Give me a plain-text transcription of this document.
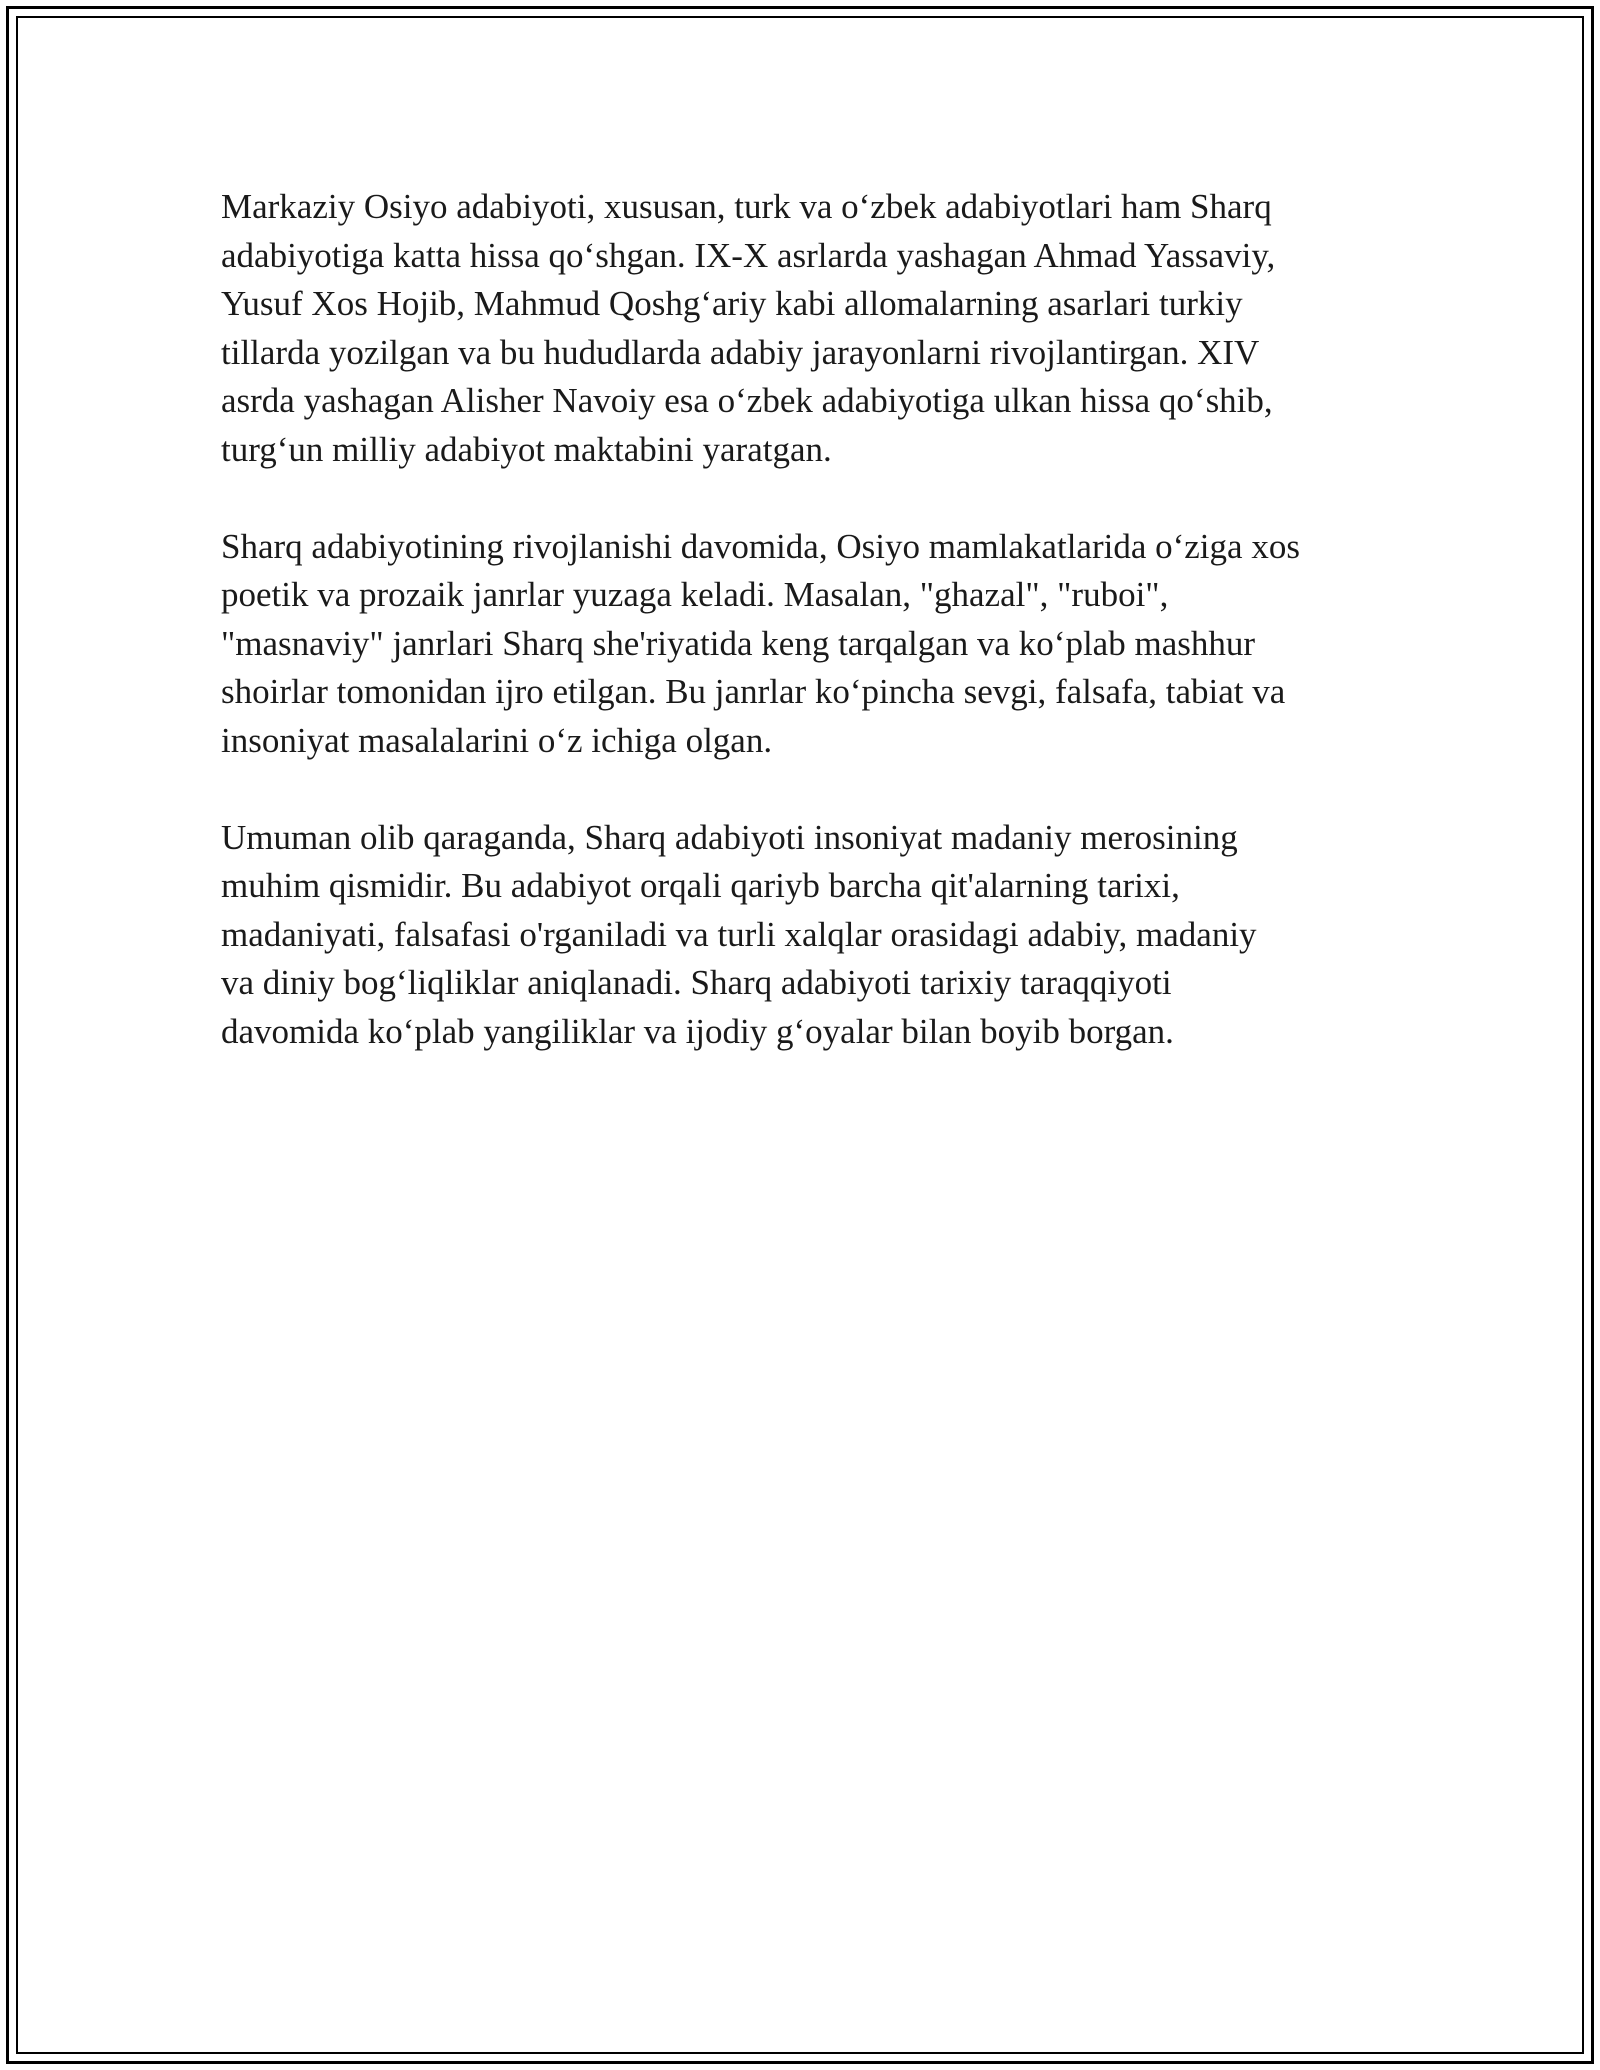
Markaziy Osiyo adabiyoti, xususan, turk va o‘zbek adabiyotlari ham Sharq
adabiyotiga katta hissa qo‘shgan. IX-X asrlarda yashagan Ahmad Yassaviy,
Yusuf Xos Hojib, Mahmud Qoshg‘ariy kabi allomalarning asarlari turkiy
tillarda yozilgan va bu hududlarda adabiy jarayonlarni rivojlantirgan. XIV
asrda yashagan Alisher Navoiy esa o‘zbek adabiyotiga ulkan hissa qo‘shib,
turg‘un milliy adabiyot maktabini yaratgan.

Sharq adabiyotining rivojlanishi davomida, Osiyo mamlakatlarida o‘ziga xos
poetik va prozaik janrlar yuzaga keladi. Masalan, "ghazal", "ruboi",
"masnaviy" janrlari Sharq she'riyatida keng tarqalgan va ko‘plab mashhur
shoirlar tomonidan ijro etilgan. Bu janrlar ko‘pincha sevgi, falsafa, tabiat va
insoniyat masalalarini o‘z ichiga olgan.

Umuman olib qaraganda, Sharq adabiyoti insoniyat madaniy merosining
muhim qismidir. Bu adabiyot orqali qariyb barcha qit'alarning tarixi,
madaniyati, falsafasi o'rganiladi va turli xalqlar orasidagi adabiy, madaniy
va diniy bog‘liqliklar aniqlanadi. Sharq adabiyoti tarixiy taraqqiyoti
davomida ko‘plab yangiliklar va ijodiy g‘oyalar bilan boyib borgan.
